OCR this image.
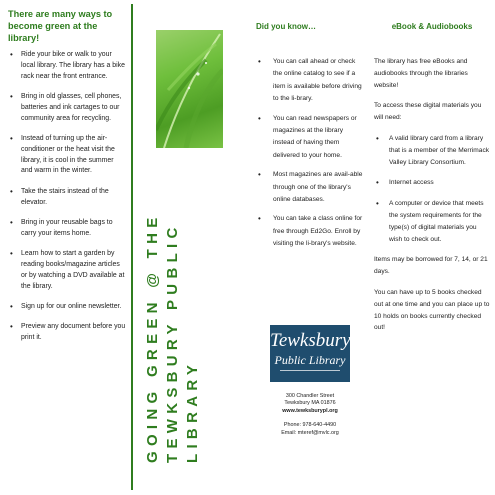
There are many ways to become green at the library!
• Ride your bike or walk to your local library. The library has a bike rack near the front entrance.
• Bring in old glasses, cell phones, batteries and ink cartages to our community area for recycling.
• Instead of turning up the air-conditioner or the heat visit the library, it is cool in the summer and warm in the winter.
• Take the stairs instead of the elevator.
• Bring in your reusable bags to carry your items home.
• Learn how to start a garden by reading books/magazine articles or by watching a DVD available at the library.
• Sign up for our online newsletter.
• Preview any document before you print it.	GOING GREEN @ THE TEWKSBURY PUBLIC LIBRARY
Tewksbury
Public Library
300 Chandler Street
Tewksbury MA 01876
www.tewksburypl.org
Phone: 978-640-4490
Email: mteref@mvlc.org
Did you know…
• You can call ahead or check the online catalog to see if a item is available before driving to the li-brary.
• You can read newspapers or magazines at the library instead of having them delivered to your home.
• Most magazines are avail-able through one of the library's online databases.
• You can take a class online for free through Ed2Go. Enroll by visiting the li-brary's website.
eBook & Audiobooks

The library has free eBooks and audiobooks through the libraries website!

To access these digital materials you will need:

• A valid library card from a library that is a member of the Merrimack Valley Library Consortium.
• Internet access
• A computer or device that meets the system requirements for the type(s) of digital materials you wish to check out.

Items may be borrowed for 7, 14, or 21 days.

You can have up to 5 books checked out at one time and you can place up to 10 holds on books currently checked out!
